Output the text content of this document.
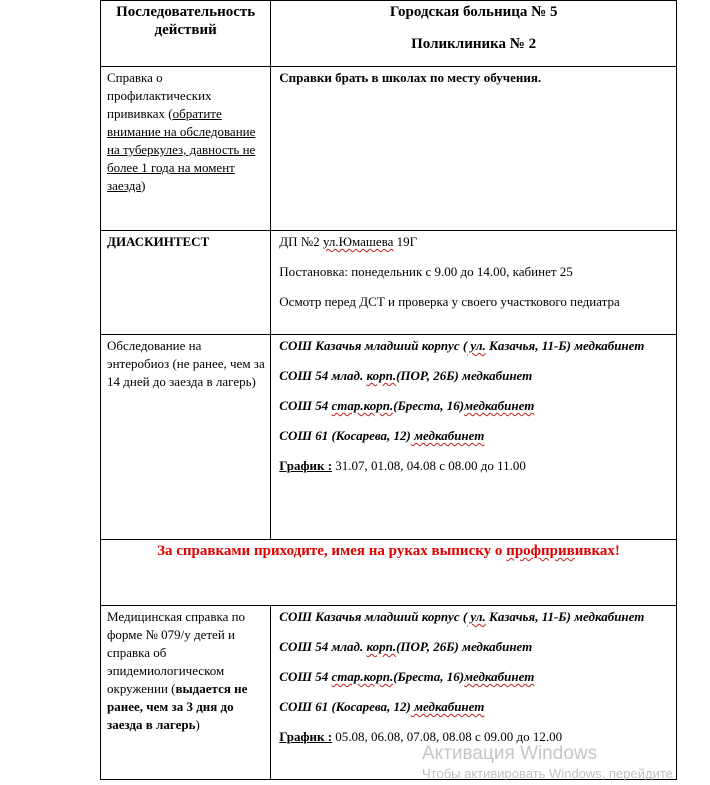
Последовательность действий	Городская больница № 5

Поликлиника № 2

Справка о профилактических прививках (обратите внимание на обследование на туберкулез, давность не более 1 года на момент заезда)	Справки брать в школах по месту обучения.
ДИАСКИНТЕСТ	ДП №2 ул.Юмашева 19Г

Постановка: понедельник с 9.00 до 14.00, кабинет 25

Осмотр перед ДСТ и проверка у своего участкового педиатра

Обследование на энтеробиоз (не ранее, чем за 14 дней до заезда в лагерь)	СОШ Казачья младший корпус ( ул. Казачья, 11-Б) медкабинет

СОШ 54 млад. корп.(ПОР, 26Б) медкабинет

СОШ 54 стар.корп.(Бреста, 16)медкабинет

СОШ 61 (Косарева, 12) медкабинет

График : 31.07, 01.08, 04.08 с 08.00 до 11.00

За справками приходите, имея на руках выписку о профпрививках!	
Медицинская справка по форме № 079/у детей и справка об эпидемиологическом окружении (выдается не ранее, чем за 3 дня до заезда в лагерь)	СОШ Казачья младший корпус ( ул. Казачья, 11-Б) медкабинет

СОШ 54 млад. корп.(ПОР, 26Б) медкабинет

СОШ 54 стар.корп.(Бреста, 16)медкабинет

СОШ 61 (Косарева, 12) медкабинет

График : 05.08, 06.08, 07.08, 08.08 с 09.00 до 12.00

Активация Windows
Чтобы активировать Windows, перейдите
